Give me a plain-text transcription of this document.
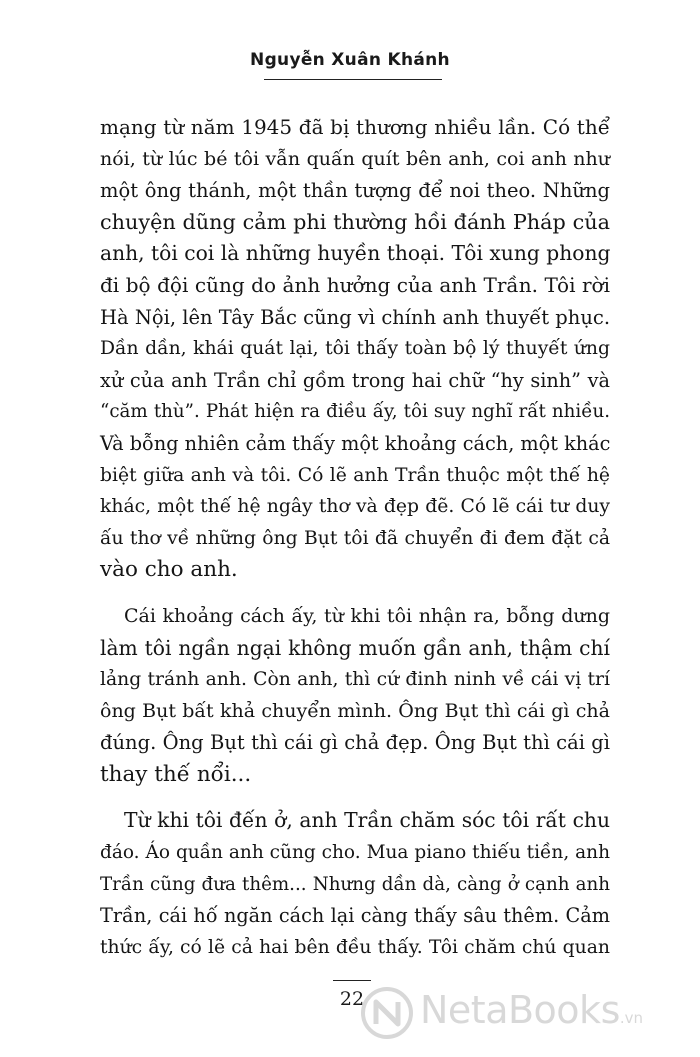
Nguyễn Xuân Khánh
mạng từ năm 1945 đã bị thương nhiều lần. Có thể
nói, từ lúc bé tôi vẫn quấn quít bên anh, coi anh như
một ông thánh, một thần tượng để noi theo. Những
chuyện dũng cảm phi thường hồi đánh Pháp của
anh, tôi coi là những huyền thoại. Tôi xung phong
đi bộ đội cũng do ảnh hưởng của anh Trần. Tôi rời
Hà Nội, lên Tây Bắc cũng vì chính anh thuyết phục.
Dần dần, khái quát lại, tôi thấy toàn bộ lý thuyết ứng
xử của anh Trần chỉ gồm trong hai chữ “hy sinh” và
“căm thù”. Phát hiện ra điều ấy, tôi suy nghĩ rất nhiều.
Và bỗng nhiên cảm thấy một khoảng cách, một khác
biệt giữa anh và tôi. Có lẽ anh Trần thuộc một thế hệ
khác, một thế hệ ngây thơ và đẹp đẽ. Có lẽ cái tư duy
ấu thơ về những ông Bụt tôi đã chuyển đi đem đặt cả
vào cho anh.
Cái khoảng cách ấy, từ khi tôi nhận ra, bỗng dưng
làm tôi ngần ngại không muốn gần anh, thậm chí
lảng tránh anh. Còn anh, thì cứ đinh ninh về cái vị trí
ông Bụt bất khả chuyển mình. Ông Bụt thì cái gì chả
đúng. Ông Bụt thì cái gì chả đẹp. Ông Bụt thì cái gì
thay thế nổi...
Từ khi tôi đến ở, anh Trần chăm sóc tôi rất chu
đáo. Áo quần anh cũng cho. Mua piano thiếu tiền, anh
Trần cũng đưa thêm... Nhưng dần dà, càng ở cạnh anh
Trần, cái hố ngăn cách lại càng thấy sâu thêm. Cảm
thức ấy, có lẽ cả hai bên đều thấy. Tôi chăm chú quan
22	NetaBooks.vn
